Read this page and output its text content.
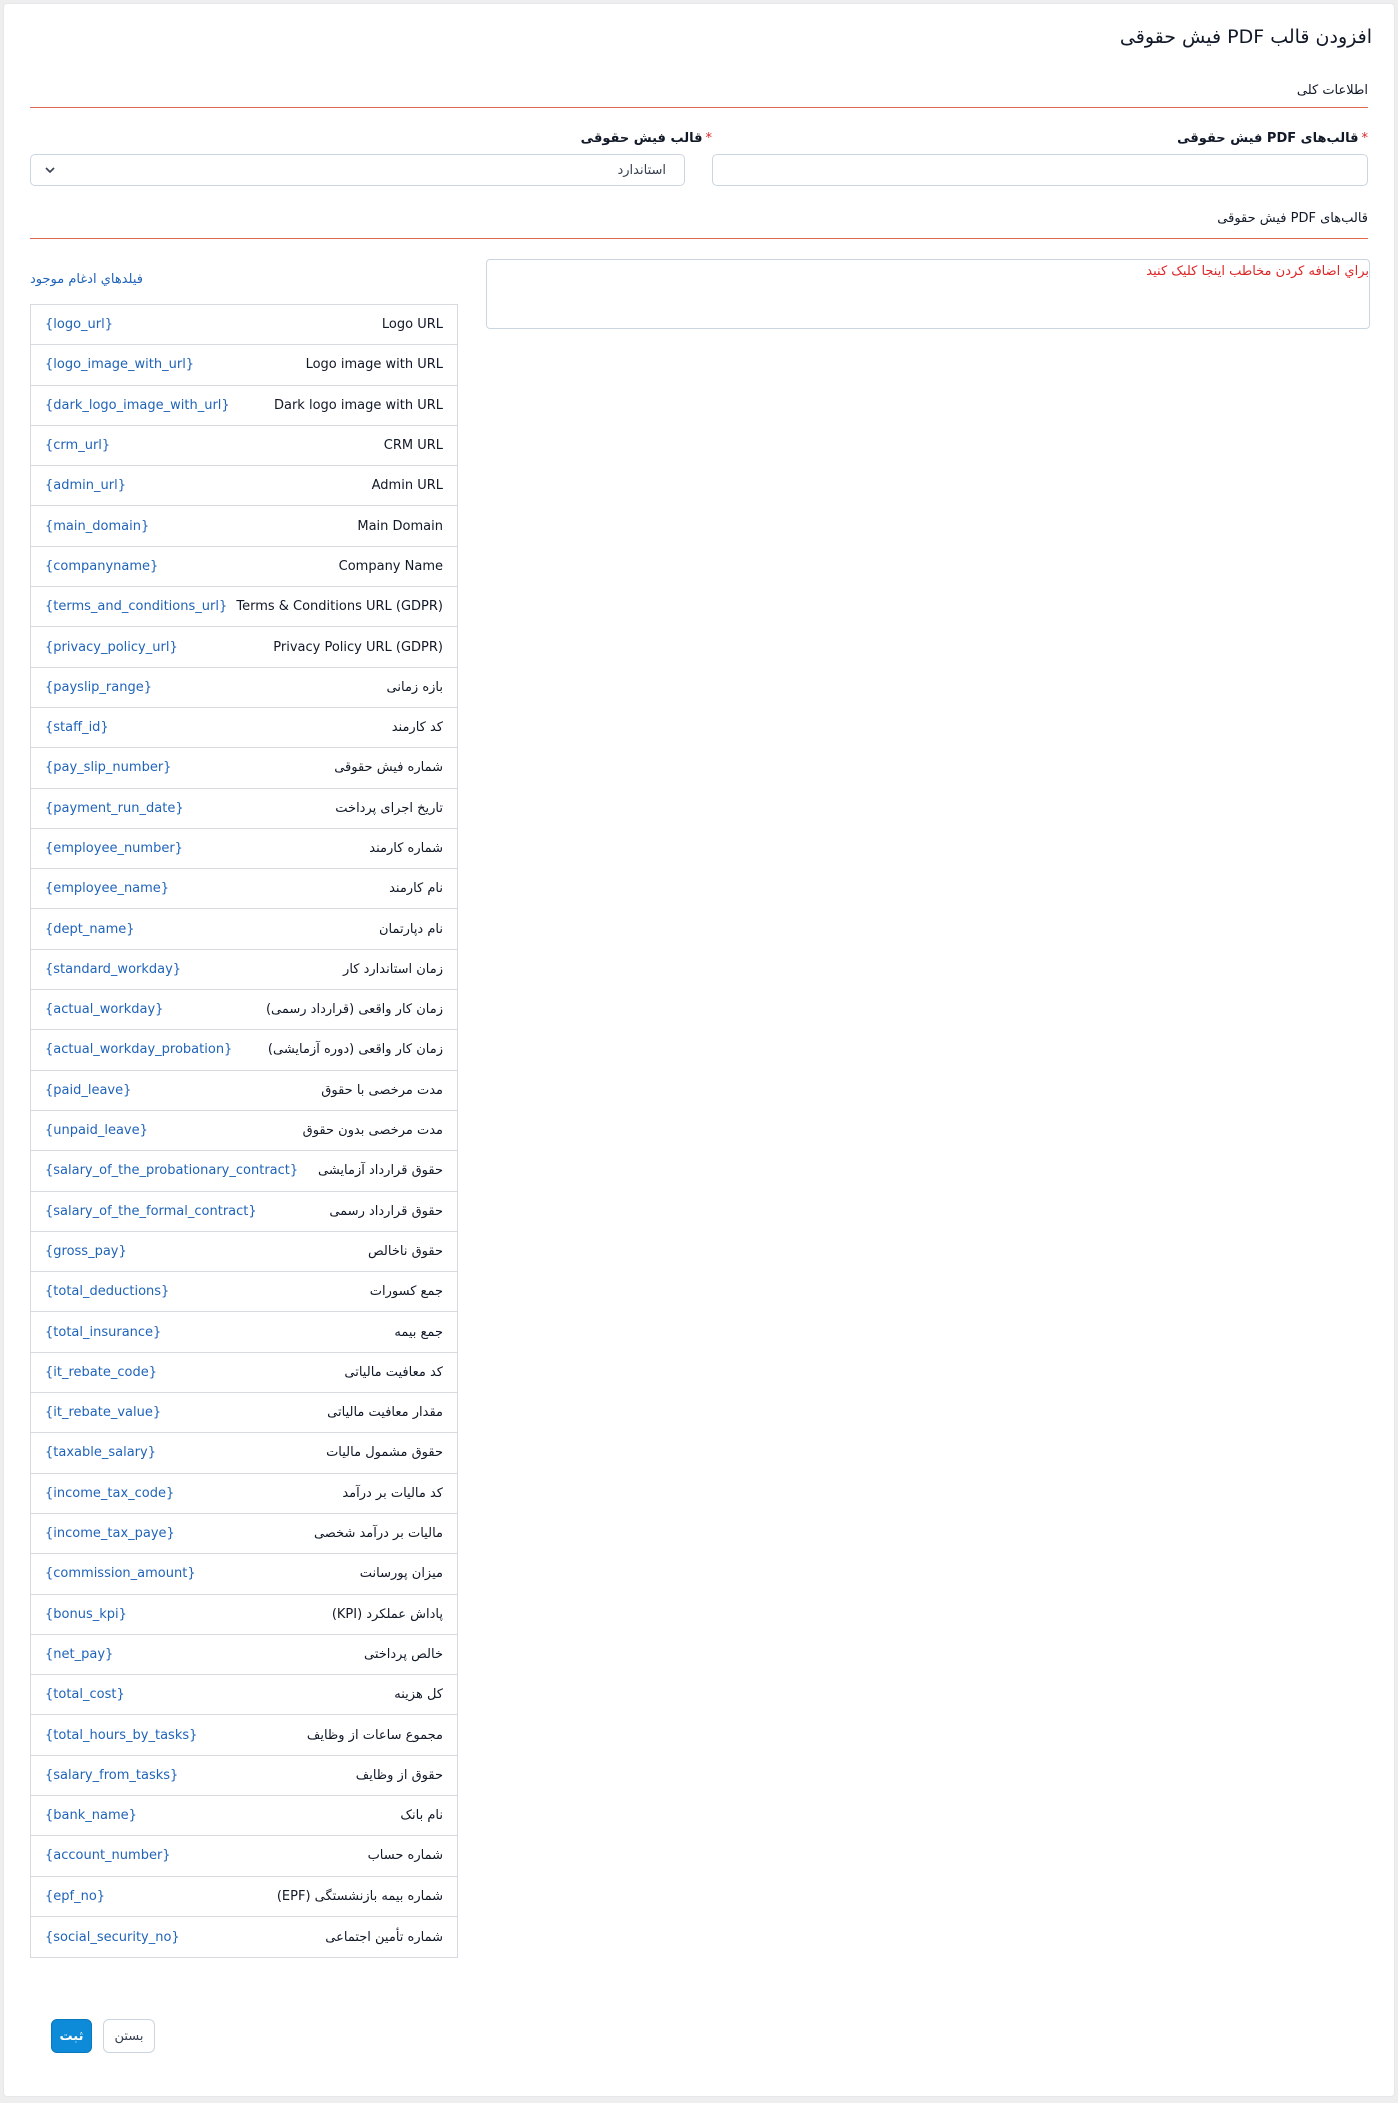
افزودن قالب PDF فیش حقوقی
اطلاعات کلی
*قالب‌های PDF فیش حقوقی
*قالب فیش حقوقی
استاندارد
قالب‌های PDF فیش حقوقی
براي اضافه کردن مخاطب اينجا کليک کنيد
فيلدهاي ادغام موجود
{logo_url}	Logo URL
{logo_image_with_url}	Logo image with URL
{dark_logo_image_with_url}	Dark logo image with URL
{crm_url}	CRM URL
{admin_url}	Admin URL
{main_domain}	Main Domain
{companyname}	Company Name
{terms_and_conditions_url} Terms & Conditions URL (GDPR)
{privacy_policy_url}	Privacy Policy URL (GDPR)
{payslip_range}	بازه زمانی
{staff_id}	کد کارمند
{pay_slip_number}	شماره فیش حقوقی
{payment_run_date}	تاریخ اجرای پرداخت
{employee_number}	شماره کارمند
{employee_name}	نام کارمند
{dept_name}	نام دپارتمان
{standard_workday}	زمان استاندارد کار
{actual_workday}	زمان کار واقعی (قرارداد رسمی)
{actual_workday_probation}	زمان کار واقعی (دوره آزمایشی)
{paid_leave}	مدت مرخصی با حقوق
{unpaid_leave}	مدت مرخصی بدون حقوق
{salary_of_the_probationary_contract} حقوق قرارداد آزمایشی
{salary_of_the_formal_contract}	حقوق قرارداد رسمی
{gross_pay}	حقوق ناخالص
{total_deductions}	جمع کسورات
{total_insurance}	جمع بیمه
{it_rebate_code}	کد معافیت مالیاتی
{it_rebate_value}	مقدار معافیت مالیاتی
{taxable_salary}	حقوق مشمول مالیات
{income_tax_code}	کد مالیات بر درآمد
{income_tax_paye}	مالیات بر درآمد شخصی
{commission_amount}	میزان پورسانت
{bonus_kpi}	پاداش عملکرد (KPI)
{net_pay}	خالص پرداختی
{total_cost}	کل هزینه
{total_hours_by_tasks}	مجموع ساعات از وظایف
{salary_from_tasks}	حقوق از وظایف
{bank_name}	نام بانک
{account_number}	شماره حساب
{epf_no}	شماره بیمه بازنشستگی (EPF)
{social_security_no}	شماره تأمین اجتماعی
ثبت	بستن
